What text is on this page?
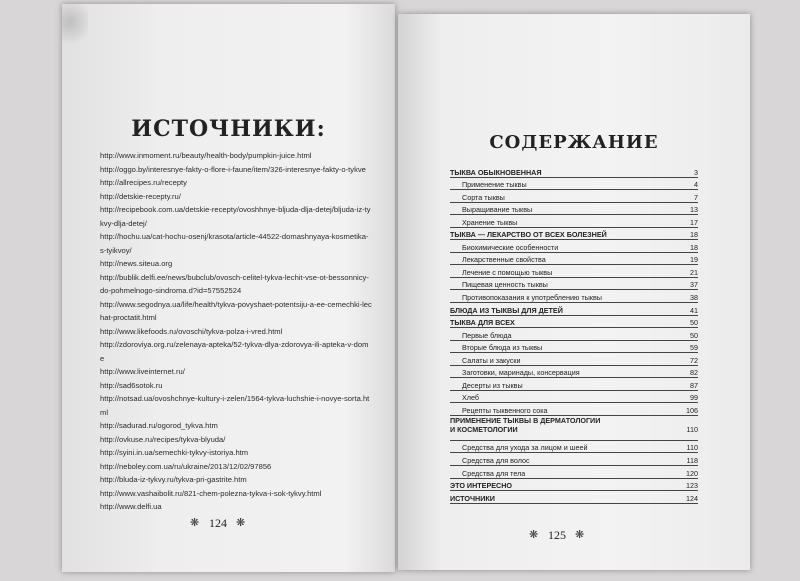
ИСТОЧНИКИ:
http://www.inmoment.ru/beauty/health-body/pumpkin-juice.html
http://oggo.by/interesnye-fakty-o-flore-i-faune/item/326-interesnye-fakty-o-tykve
http://allrecipes.ru/recepty
http://detskie-recepty.ru/
http://recipebook.com.ua/detskie-recepty/ovoshhnye-bljuda-dlja-detej/bljuda-iz-tykvy-dlja-detej/
http://hochu.ua/cat-hochu-osenj/krasota/article-44522-domashnyaya-kosmetika-s-tyikvoy/
http://news.siteua.org
http://bublik.delfi.ee/news/bubclub/ovosch-celitel-tykva-lechit-vse-ot-bessonnicy-do-pohmelnogo-sindroma.d?id=57552524
http://www.segodnya.ua/life/health/tykva-povyshaet-potentsiju-a-ee-cemechki-lechat-proctatit.html
http://www.likefoods.ru/ovoschi/tykva-polza-i-vred.html
http://zdoroviya.org.ru/zelenaya-apteka/52-tykva-dlya-zdorovya-ili-apteka-v-dome
http://www.liveinternet.ru/
http://sad6sotok.ru
http://notsad.ua/ovoshchnye-kultury-i-zelen/1564-tykva-luchshie-i-novye-sorta.html
http://sadurad.ru/ogorod_tykva.htm
http://ovkuse.ru/recipes/tykva-blyuda/
http://syini.in.ua/semechki-tykvy-istoriya.htm
http://neboley.com.ua/ru/ukraine/2013/12/02/97856
http://bluda-iz-tykvy.ru/tykva-pri-gastrite.htm
http://www.vashaibolit.ru/821-chem-polezna-tykva-i-sok-tykvy.html
http://www.delfi.ua
❋ 124 ❋
СОДЕРЖАНИЕ
ТЫКВА ОБЫКНОВЕННАЯ	3
Применение тыквы	4
Сорта тыквы	7
Выращивание тыквы	13
Хранение тыквы	17
ТЫКВА — ЛЕКАРСТВО ОТ ВСЕХ БОЛЕЗНЕЙ	18
Биохимические особенности	18
Лекарственные свойства	19
Лечение с помощью тыквы	21
Пищевая ценность тыквы	37
Противопоказания к употреблению тыквы	38
БЛЮДА ИЗ ТЫКВЫ ДЛЯ ДЕТЕЙ	41
ТЫКВА ДЛЯ ВСЕХ	50
Первые блюда	50
Вторые блюда из тыквы	59
Салаты и закуски	72
Заготовки, маринады, консервация	82
Десерты из тыквы	87
Хлеб	99
Рецепты тыквенного сока	106
ПРИМЕНЕНИЕ ТЫКВЫ В ДЕРМАТОЛОГИИ
И КОСМЕТОЛОГИИ	110
Средства для ухода за лицом и шеей	110
Средства для волос	118
Средства для тела	120
ЭТО ИНТЕРЕСНО	123
ИСТОЧНИКИ	124
❋ 125 ❋
